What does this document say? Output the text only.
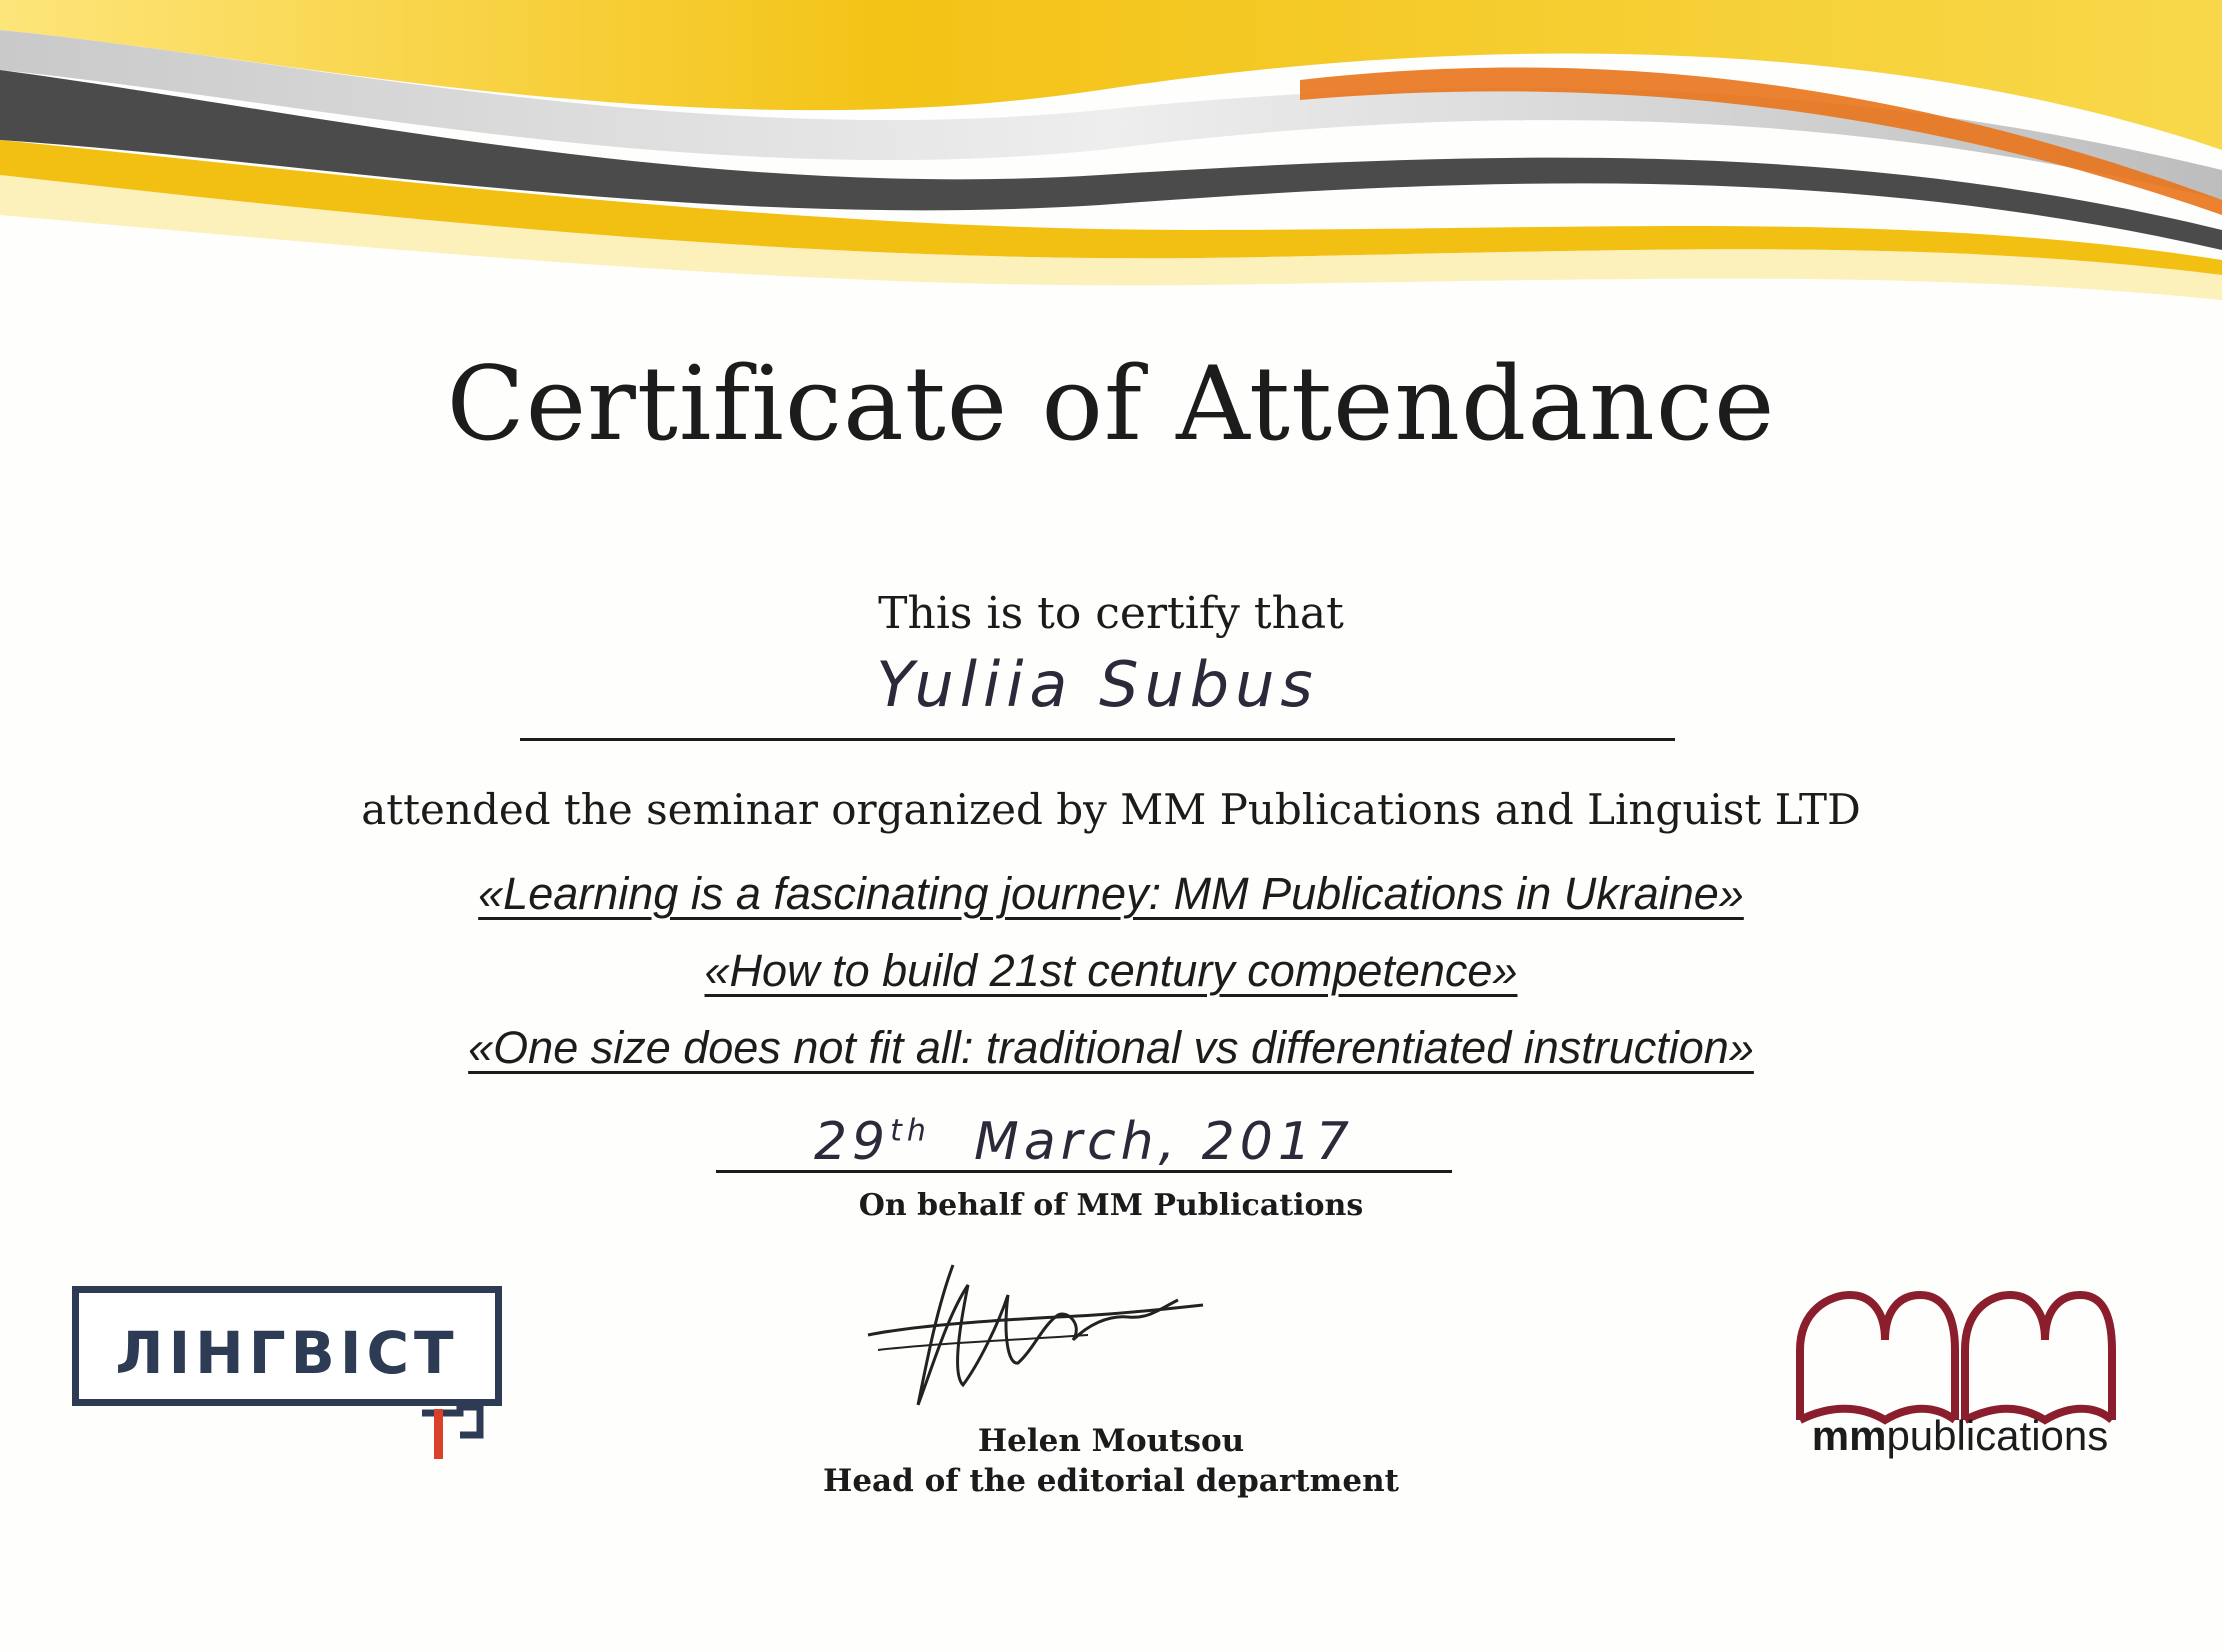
Certificate of Attendance
This is to certify that
Yuliia Subus
attended the seminar organized by MM Publications and Linguist LTD
«Learning is a fascinating journey: MM Publications in Ukraine»
«How to build 21st century competence»
«One size does not fit all: traditional vs differentiated instruction»
29th March, 2017
On behalf of MM Publications
Helen Moutsou
Head of the editorial department
ЛІНГВІСТ
mmpublications
